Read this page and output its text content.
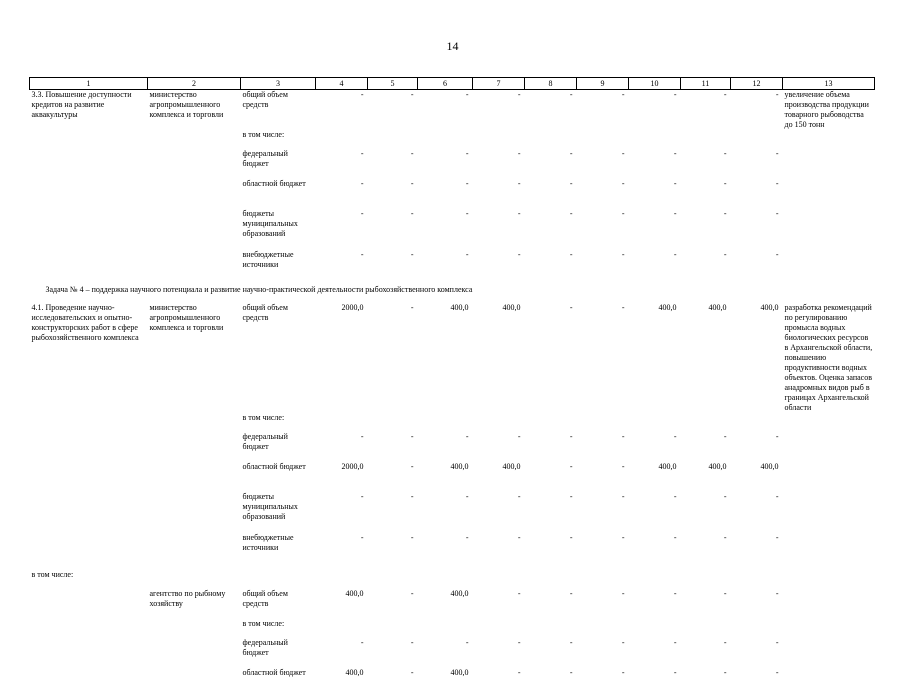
14
1	2	3	4	5	6	7	8	9	10	11	12	13
3.3. Повышение доступности кредитов на развитие аквакультуры	министерство агропромышленного комплекса и торговли	общий объем средств	-	-	-	-	-	-	-	-	-	увеличение объема производства продукции товарного рыбоводства до 150 тонн
		в том числе:										
		федеральный бюджет	-	-	-	-	-	-	-	-	-	
		областной бюджет	-	-	-	-	-	-	-	-	-	
		бюджеты муниципальных образований	-	-	-	-	-	-	-	-	-	
		внебюджетные источники	-	-	-	-	-	-	-	-	-	
Задача № 4 – поддержка научного потенциала и развитие научно-практической деятельности рыбохозяйственного комплекса												
4.1. Проведение научно-исследовательских и опытно-конструкторских работ в сфере рыбохозяйственного комплекса	министерство агропромышленного комплекса и торговли	общий объем средств	2000,0	-	400,0	400,0	-	-	400,0	400,0	400,0	разработка рекомендаций по регулированию промысла водных биологических ресурсов в Архангельской области, повышению продуктивности водных объектов. Оценка запасов анадромных видов рыб в границах Архангельской области
		в том числе:										
		федеральный бюджет	-	-	-	-	-	-	-	-	-	
		областной бюджет	2000,0	-	400,0	400,0	-	-	400,0	400,0	400,0	
		бюджеты муниципальных образований	-	-	-	-	-	-	-	-	-	
		внебюджетные источники	-	-	-	-	-	-	-	-	-	
в том числе:												
	агентство по рыбному хозяйству	общий объем средств	400,0	-	400,0	-	-	-	-	-	-	
		в том числе:										
		федеральный бюджет	-	-	-	-	-	-	-	-	-	
		областной бюджет	400,0	-	400,0	-	-	-	-	-	-	
